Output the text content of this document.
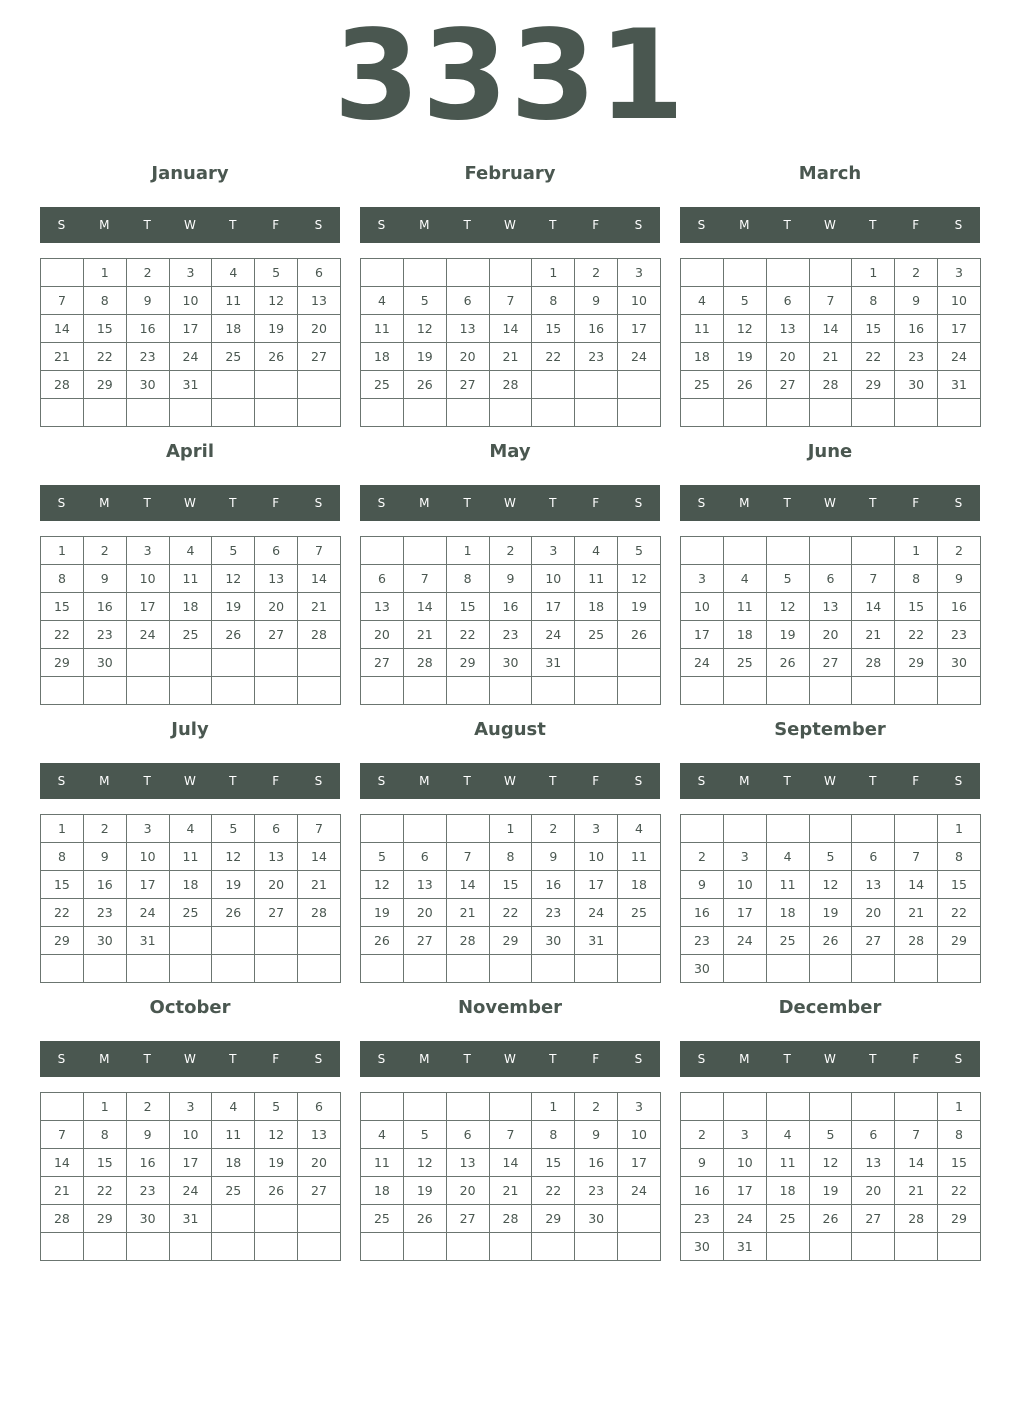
3331
January
S	M	T	W	T	F	S
	1	2	3	4	5	6
7	8	9	10	11	12	13
14	15	16	17	18	19	20
21	22	23	24	25	26	27
28	29	30	31			

February
S	M	T	W	T	F	S
				1	2	3
4	5	6	7	8	9	10
11	12	13	14	15	16	17
18	19	20	21	22	23	24
25	26	27	28			

March
S	M	T	W	T	F	S
				1	2	3
4	5	6	7	8	9	10
11	12	13	14	15	16	17
18	19	20	21	22	23	24
25	26	27	28	29	30	31

April
S	M	T	W	T	F	S
1	2	3	4	5	6	7
8	9	10	11	12	13	14
15	16	17	18	19	20	21
22	23	24	25	26	27	28
29	30					

May
S	M	T	W	T	F	S
		1	2	3	4	5
6	7	8	9	10	11	12
13	14	15	16	17	18	19
20	21	22	23	24	25	26
27	28	29	30	31		

June
S	M	T	W	T	F	S
					1	2
3	4	5	6	7	8	9
10	11	12	13	14	15	16
17	18	19	20	21	22	23
24	25	26	27	28	29	30

July
S	M	T	W	T	F	S
1	2	3	4	5	6	7
8	9	10	11	12	13	14
15	16	17	18	19	20	21
22	23	24	25	26	27	28
29	30	31				

August
S	M	T	W	T	F	S
			1	2	3	4
5	6	7	8	9	10	11
12	13	14	15	16	17	18
19	20	21	22	23	24	25
26	27	28	29	30	31	

September
S	M	T	W	T	F	S
						1
2	3	4	5	6	7	8
9	10	11	12	13	14	15
16	17	18	19	20	21	22
23	24	25	26	27	28	29
30						
October
S	M	T	W	T	F	S
	1	2	3	4	5	6
7	8	9	10	11	12	13
14	15	16	17	18	19	20
21	22	23	24	25	26	27
28	29	30	31			

November
S	M	T	W	T	F	S
				1	2	3
4	5	6	7	8	9	10
11	12	13	14	15	16	17
18	19	20	21	22	23	24
25	26	27	28	29	30	

December
S	M	T	W	T	F	S
						1
2	3	4	5	6	7	8
9	10	11	12	13	14	15
16	17	18	19	20	21	22
23	24	25	26	27	28	29
30	31					
